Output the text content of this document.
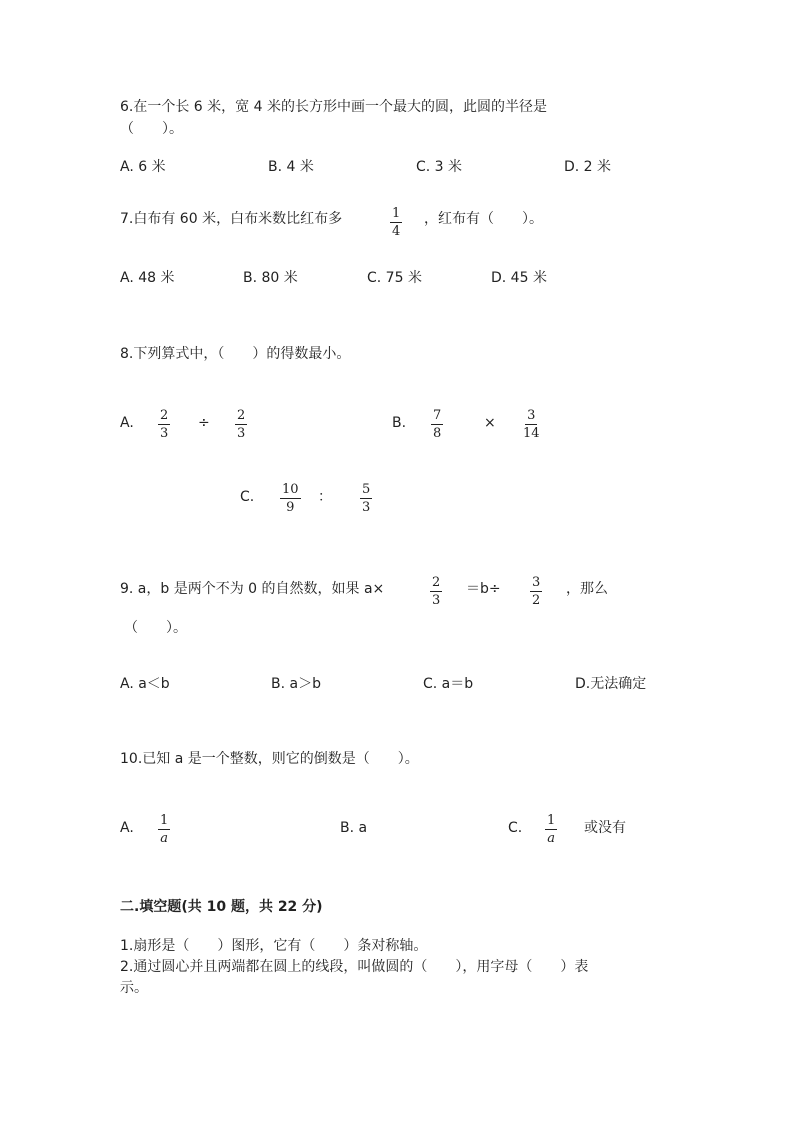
6.在一个长 6 米，宽 4 米的长方形中画一个最大的圆，此圆的半径是
（　　）。
A. 6 米	B. 4 米	C. 3 米	D. 2 米
7.白布有 60 米，白布米数比红布多	$\frac{1}{4}$ ，红布有（　　）。
A. 48 米	B. 80 米	C. 75 米	D. 45 米
8.下列算式中，（　　）的得数最小。
A. $\frac{2}{3} \div \frac{2}{3}$	B. $\frac{7}{8}$	× $\frac{3}{14}$
C. $\frac{10}{9}$ ： $\frac{5}{3}$
9. a，b 是两个不为 0 的自然数，如果 a×	$\frac{2}{3} =b\div \frac{3}{2}$ ，那么
（　　）。
A. a＜b	B. a＞b	C. a＝b	D.无法确定
10.已知 a 是一个整数，则它的倒数是（　　）。
A. $\frac{1}{a}$	B. a	C. $\frac{1}{a}$ 或没有
二.填空题(共 10 题，共 22 分)
1.扇形是（　　）图形，它有（　　）条对称轴。
2.通过圆心并且两端都在圆上的线段，叫做圆的（　　），用字母（　　）表
示。
